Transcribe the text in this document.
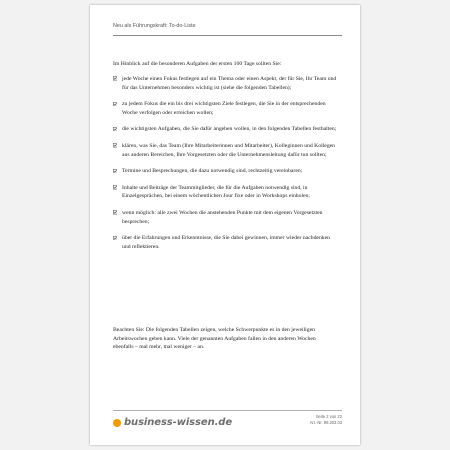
Neu als Führungskraft: To-do-Liste
Im Hinblick auf die besonderen Aufgaben der ersten 100 Tage sollten Sie:
jede Woche einen Fokus festlegen auf ein Thema oder einen Aspekt, der für Sie, Ihr Team und für das Unternehmen besonders wichtig ist (siehe die folgenden Tabellen);
zu jedem Fokus die ein bis drei wichtigsten Ziele festlegen, die Sie in der entsprechenden Woche verfolgen oder erreichen wollen;
die wichtigsten Aufgaben, die Sie dafür angehen wollen, in den folgenden Tabellen festhalten;
klären, was Sie, das Team (Ihre Mitarbeiterinnen und Mitarbeiter), Kolleginnen und Kollegen aus anderen Bereichen, Ihre Vorgesetzten oder die Unternehmensleitung dafür tun sollten;
Termine und Besprechungen, die dazu notwendig sind, rechtzeitig vereinbaren;
Inhalte und Beiträge der Teammitglieder, die für die Aufgaben notwendig sind, in Einzelgesprächen, bei einem wöchentlichen Jour fixe oder in Workshops einholen;
wenn möglich: alle zwei Wochen die anstehenden Punkte mit dem eigenen Vorgesetzten besprechen;
über die Erfahrungen und Erkenntnisse, die Sie dabei gewinnen, immer wieder nachdenken und reflektieren.
Beachten Sie: Die folgenden Tabellen zeigen, welche Schwerpunkte es in den jeweiligen Arbeitswochen geben kann. Viele der genannten Aufgaben fallen in den anderen Wochen ebenfalls – mal mehr, mal weniger – an.
business-wissen.de
Seite 2 von 22
Art.-Nr. 99.203.03
